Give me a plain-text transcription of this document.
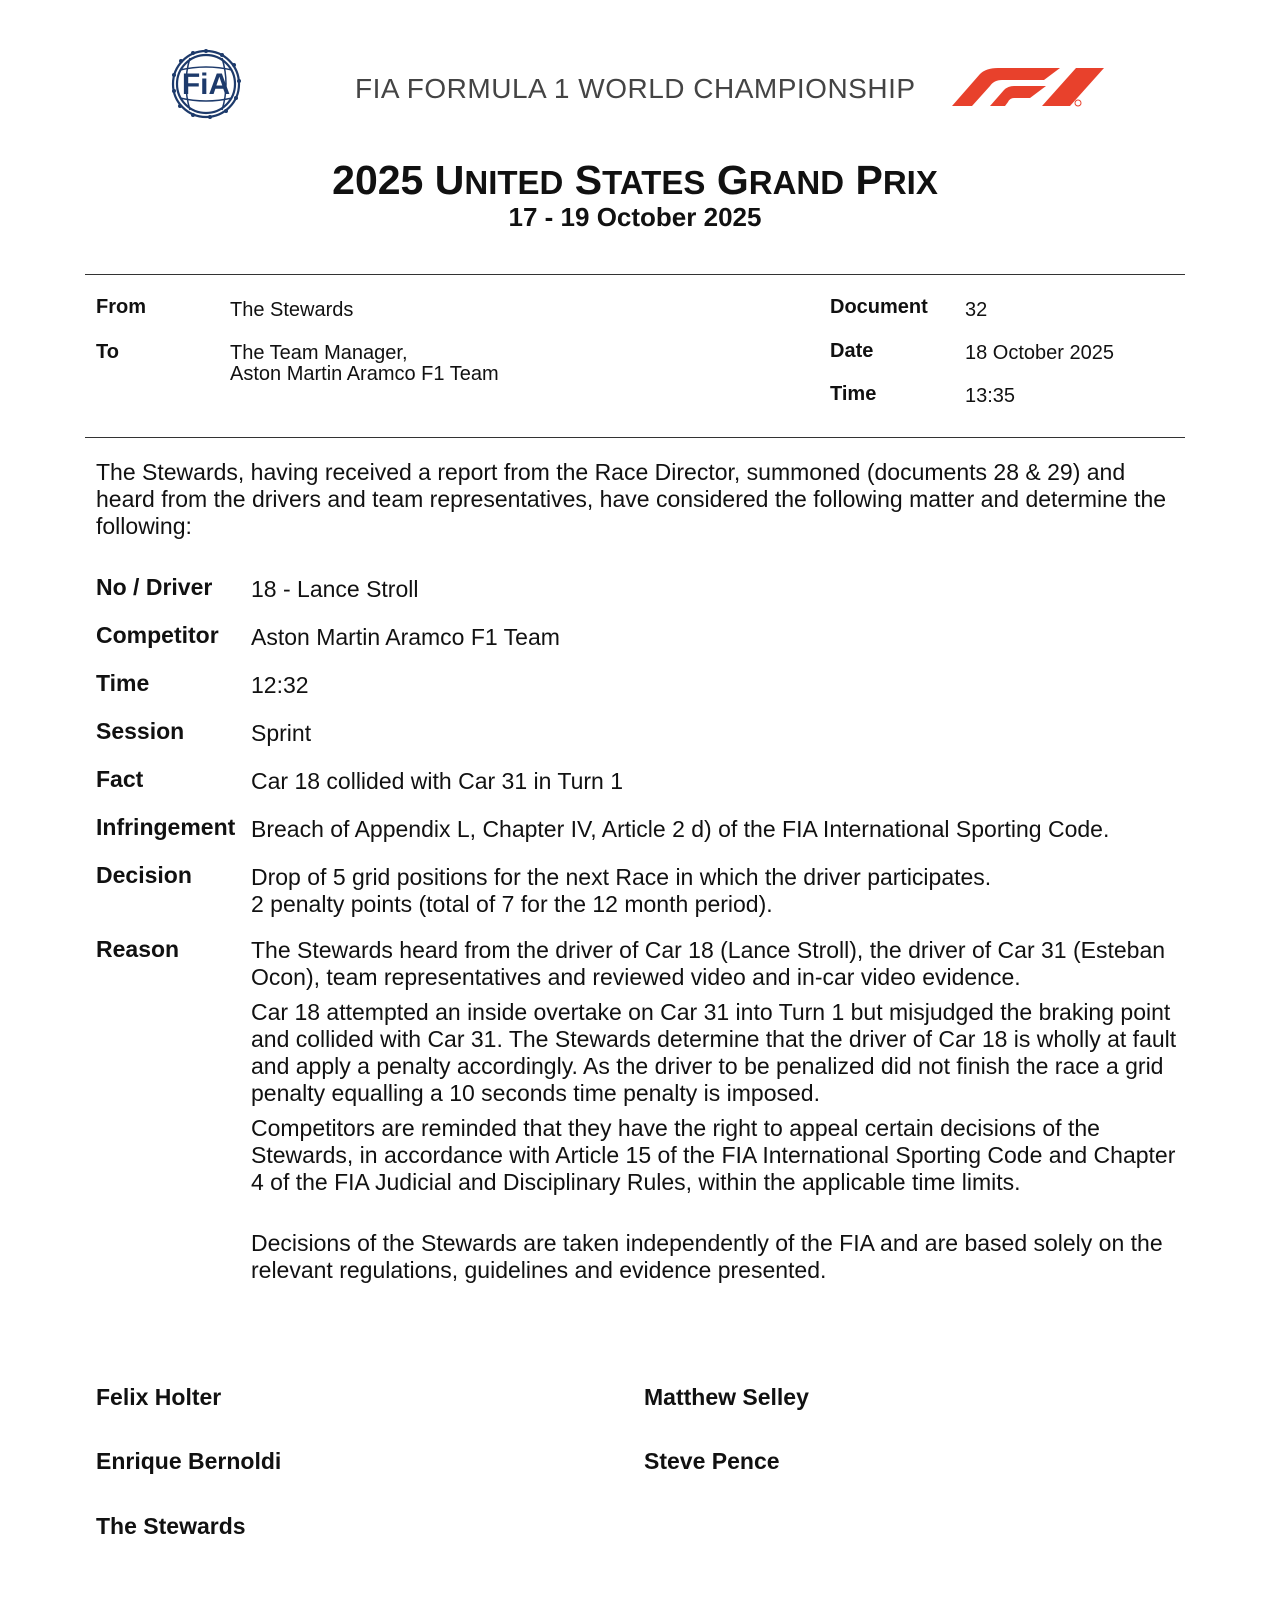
FiA	FIA FORMULA 1 WORLD CHAMPIONSHIP
2025 UNITED STATES GRAND PRIX
17 - 19 October 2025
From	The Stewards
To	The Team Manager,
Aston Martin Aramco F1 Team
Document 32
Date	18 October 2025
Time	13:35
The Stewards, having received a report from the Race Director, summoned (documents 28 & 29) and heard from the drivers and team representatives, have considered the following matter and determine the following:
No / Driver 18 - Lance Stroll
Competitor Aston Martin Aramco F1 Team
Time	12:32
Session	Sprint
Fact	Car 18 collided with Car 31 in Turn 1
Infringement Breach of Appendix L, Chapter IV, Article 2 d) of the FIA International Sporting Code.
Decision	Drop of 5 grid positions for the next Race in which the driver participates.
2 penalty points (total of 7 for the 12 month period).
Reason	The Stewards heard from the driver of Car 18 (Lance Stroll), the driver of Car 31 (Esteban Ocon), team representatives and reviewed video and in-car video evidence.

Car 18 attempted an inside overtake on Car 31 into Turn 1 but misjudged the braking point and collided with Car 31. The Stewards determine that the driver of Car 18 is wholly at fault and apply a penalty accordingly. As the driver to be penalized did not finish the race a grid penalty equalling a 10 seconds time penalty is imposed.

Competitors are reminded that they have the right to appeal certain decisions of the Stewards, in accordance with Article 15 of the FIA International Sporting Code and Chapter 4 of the FIA Judicial and Disciplinary Rules, within the applicable time limits.

Decisions of the Stewards are taken independently of the FIA and are based solely on the relevant regulations, guidelines and evidence presented.

Felix Holter	Matthew Selley
Enrique Bernoldi	Steve Pence
The Stewards
